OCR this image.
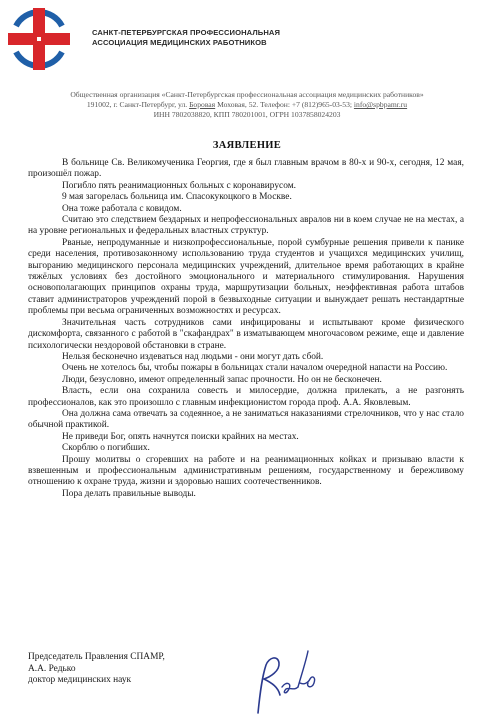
САНКТ-ПЕТЕРБУРГСКАЯ ПРОФЕССИОНАЛЬНАЯ
АССОЦИАЦИЯ МЕДИЦИНСКИХ РАБОТНИКОВ
Общественная организация «Санкт-Петербургская профессиональная ассоциация медицинских работников»
191002, г. Санкт-Петербург, ул. Боровая Моховая, 52. Телефон: +7 (812)965-03-53; info@spbpamr.ru
ИНН 7802038820, КПП 780201001, ОГРН 1037858024203
ЗАЯВЛЕНИЕ

В больнице Св. Великомученика Георгия, где я был главным врачом в 80-х и 90-х, сегодня, 12 мая, произошёл пожар.

Погибло пять реанимационных больных с коронавирусом.

9 мая загорелась больница им. Спасокукоцкого в Москве.

Она тоже работала с ковидом.

Считаю это следствием бездарных и непрофессиональных авралов ни в коем случае не на местах, а на уровне региональных и федеральных властных структур.

Рваные, непродуманные и низкопрофессиональные, порой сумбурные решения привели к панике среди населения, противозаконному использованию труда студентов и учащихся медицинских училищ, выгоранию медицинского персонала медицинских учреждений, длительное время работающих в крайне тяжёлых условиях без достойного эмоционального и материального стимулирования. Нарушения основополагающих принципов охраны труда, маршрутизации больных, неэффективная работа штабов ставит администраторов учреждений порой в безвыходные ситуации и вынуждает решать нестандартные проблемы при весьма ограниченных возможностях и ресурсах.

Значительная часть сотрудников сами инфицированы и испытывают кроме физического дискомфорта, связанного с работой в "скафандрах" в изматывающем многочасовом режиме, еще и давление психологически нездоровой обстановки в стране.

Нельзя бесконечно издеваться над людьми - они могут дать сбой.

Очень не хотелось бы, чтобы пожары в больницах стали началом очередной напасти на Россию.

Люди, безусловно, имеют определенный запас прочности. Но он не бесконечен.

Власть, если она сохранила совесть и милосердие, должна прилекать, а не разгонять профессионалов, как это произошло с главным инфекционистом города проф. А.А. Яковлевым.

Она должна сама отвечать за содеянное, а не заниматься наказаниями стрелочников, что у нас стало обычной практикой.

Не приведи Бог, опять начнутся поиски крайних на местах.

Скорблю о погибших.

Прошу молитвы о сгоревших на работе и на реанимационных койках и призываю власти к взвешенным и профессиональным административным решениям, государственному и бережливому отношению к охране труда, жизни и здоровью наших соотечественников.

Пора делать правильные выводы.

Председатель Правления СПАМР,
А.А. Редько
доктор медицинских наук
